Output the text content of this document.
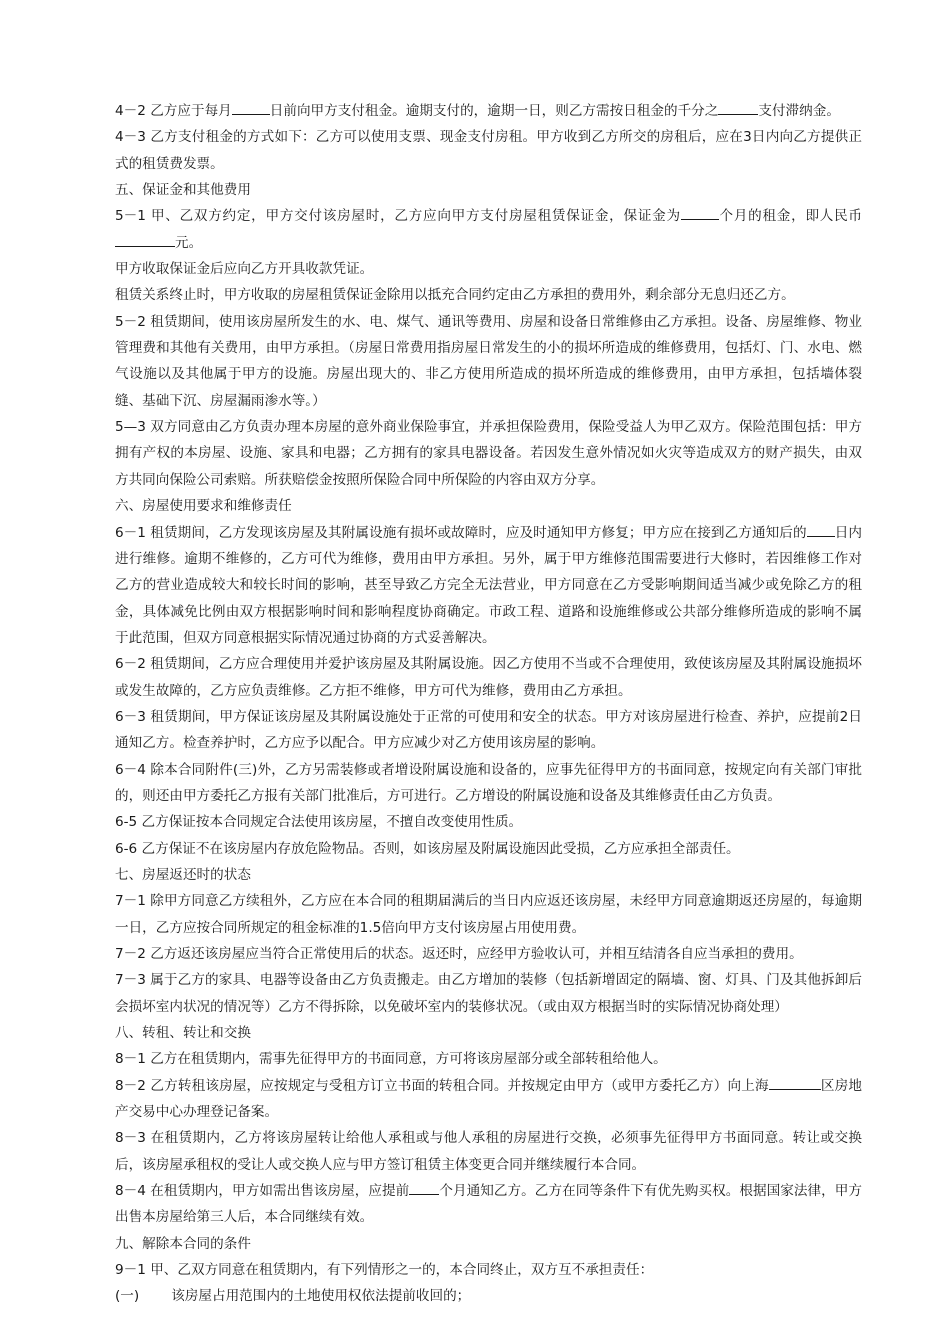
4－2 乙方应于每月	日前向甲方支付租金。逾期支付的，逾期一日，则乙方需按日租金的千分之	支付滞纳金。
4－3 乙方支付租金的方式如下：乙方可以使用支票、现金支付房租。甲方收到乙方所交的房租后，应在3日内向乙方提供正式的租赁费发票。
五、保证金和其他费用
5－1 甲、乙双方约定，甲方交付该房屋时，乙方应向甲方支付房屋租赁保证金，保证金为	个月的租金，即人民币元。
甲方收取保证金后应向乙方开具收款凭证。
租赁关系终止时，甲方收取的房屋租赁保证金除用以抵充合同约定由乙方承担的费用外，剩余部分无息归还乙方。
5－2 租赁期间，使用该房屋所发生的水、电、煤气、通讯等费用、房屋和设备日常维修由乙方承担。设备、房屋维修、物业管理费和其他有关费用，由甲方承担。（房屋日常费用指房屋日常发生的小的损坏所造成的维修费用，包括灯、门、水电、燃气设施以及其他属于甲方的设施。房屋出现大的、非乙方使用所造成的损坏所造成的维修费用，由甲方承担，包括墙体裂缝、基础下沉、房屋漏雨渗水等。）
5—3 双方同意由乙方负责办理本房屋的意外商业保险事宜，并承担保险费用，保险受益人为甲乙双方。保险范围包括：甲方拥有产权的本房屋、设施、家具和电器；乙方拥有的家具电器设备。若因发生意外情况如火灾等造成双方的财产损失，由双方共同向保险公司索赔。所获赔偿金按照所保险合同中所保险的内容由双方分享。
六、房屋使用要求和维修责任
6－1 租赁期间，乙方发现该房屋及其附属设施有损坏或故障时，应及时通知甲方修复；甲方应在接到乙方通知后的 日内进行维修。逾期不维修的，乙方可代为维修，费用由甲方承担。另外，属于甲方维修范围需要进行大修时，若因维修工作对乙方的营业造成较大和较长时间的影响，甚至导致乙方完全无法营业，甲方同意在乙方受影响期间适当减少或免除乙方的租金，具体减免比例由双方根据影响时间和影响程度协商确定。市政工程、道路和设施维修或公共部分维修所造成的影响不属于此范围，但双方同意根据实际情况通过协商的方式妥善解决。
6－2 租赁期间，乙方应合理使用并爱护该房屋及其附属设施。因乙方使用不当或不合理使用，致使该房屋及其附属设施损坏或发生故障的，乙方应负责维修。乙方拒不维修，甲方可代为维修，费用由乙方承担。
6－3 租赁期间，甲方保证该房屋及其附属设施处于正常的可使用和安全的状态。甲方对该房屋进行检查、养护，应提前2日通知乙方。检查养护时，乙方应予以配合。甲方应减少对乙方使用该房屋的影响。
6－4 除本合同附件(三)外，乙方另需装修或者增设附属设施和设备的，应事先征得甲方的书面同意，按规定向有关部门审批的，则还由甲方委托乙方报有关部门批准后，方可进行。乙方增设的附属设施和设备及其维修责任由乙方负责。
6-5 乙方保证按本合同规定合法使用该房屋，不擅自改变使用性质。
6-6 乙方保证不在该房屋内存放危险物品。否则，如该房屋及附属设施因此受损，乙方应承担全部责任。
七、房屋返还时的状态
7－1 除甲方同意乙方续租外，乙方应在本合同的租期届满后的当日内应返还该房屋，未经甲方同意逾期返还房屋的，每逾期一日，乙方应按合同所规定的租金标准的1.5倍向甲方支付该房屋占用使用费。
7－2 乙方返还该房屋应当符合正常使用后的状态。返还时，应经甲方验收认可，并相互结清各自应当承担的费用。
7－3 属于乙方的家具、电器等设备由乙方负责搬走。由乙方增加的装修（包括新增固定的隔墙、窗、灯具、门及其他拆卸后会损坏室内状况的情况等）乙方不得拆除，以免破坏室内的装修状况。（或由双方根据当时的实际情况协商处理）
八、转租、转让和交换
8－1 乙方在租赁期内，需事先征得甲方的书面同意，方可将该房屋部分或全部转租给他人。
8－2 乙方转租该房屋，应按规定与受租方订立书面的转租合同。并按规定由甲方（或甲方委托乙方）向上海	区房地产交易中心办理登记备案。
8－3 在租赁期内，乙方将该房屋转让给他人承租或与他人承租的房屋进行交换，必须事先征得甲方书面同意。转让或交换后，该房屋承租权的受让人或交换人应与甲方签订租赁主体变更合同并继续履行本合同。
8－4 在租赁期内，甲方如需出售该房屋，应提前 个月通知乙方。乙方在同等条件下有优先购买权。根据国家法律，甲方出售本房屋给第三人后，本合同继续有效。
九、解除本合同的条件
9－1 甲、乙双方同意在租赁期内，有下列情形之一的，本合同终止，双方互不承担责任：
(一) 该房屋占用范围内的土地使用权依法提前收回的；
